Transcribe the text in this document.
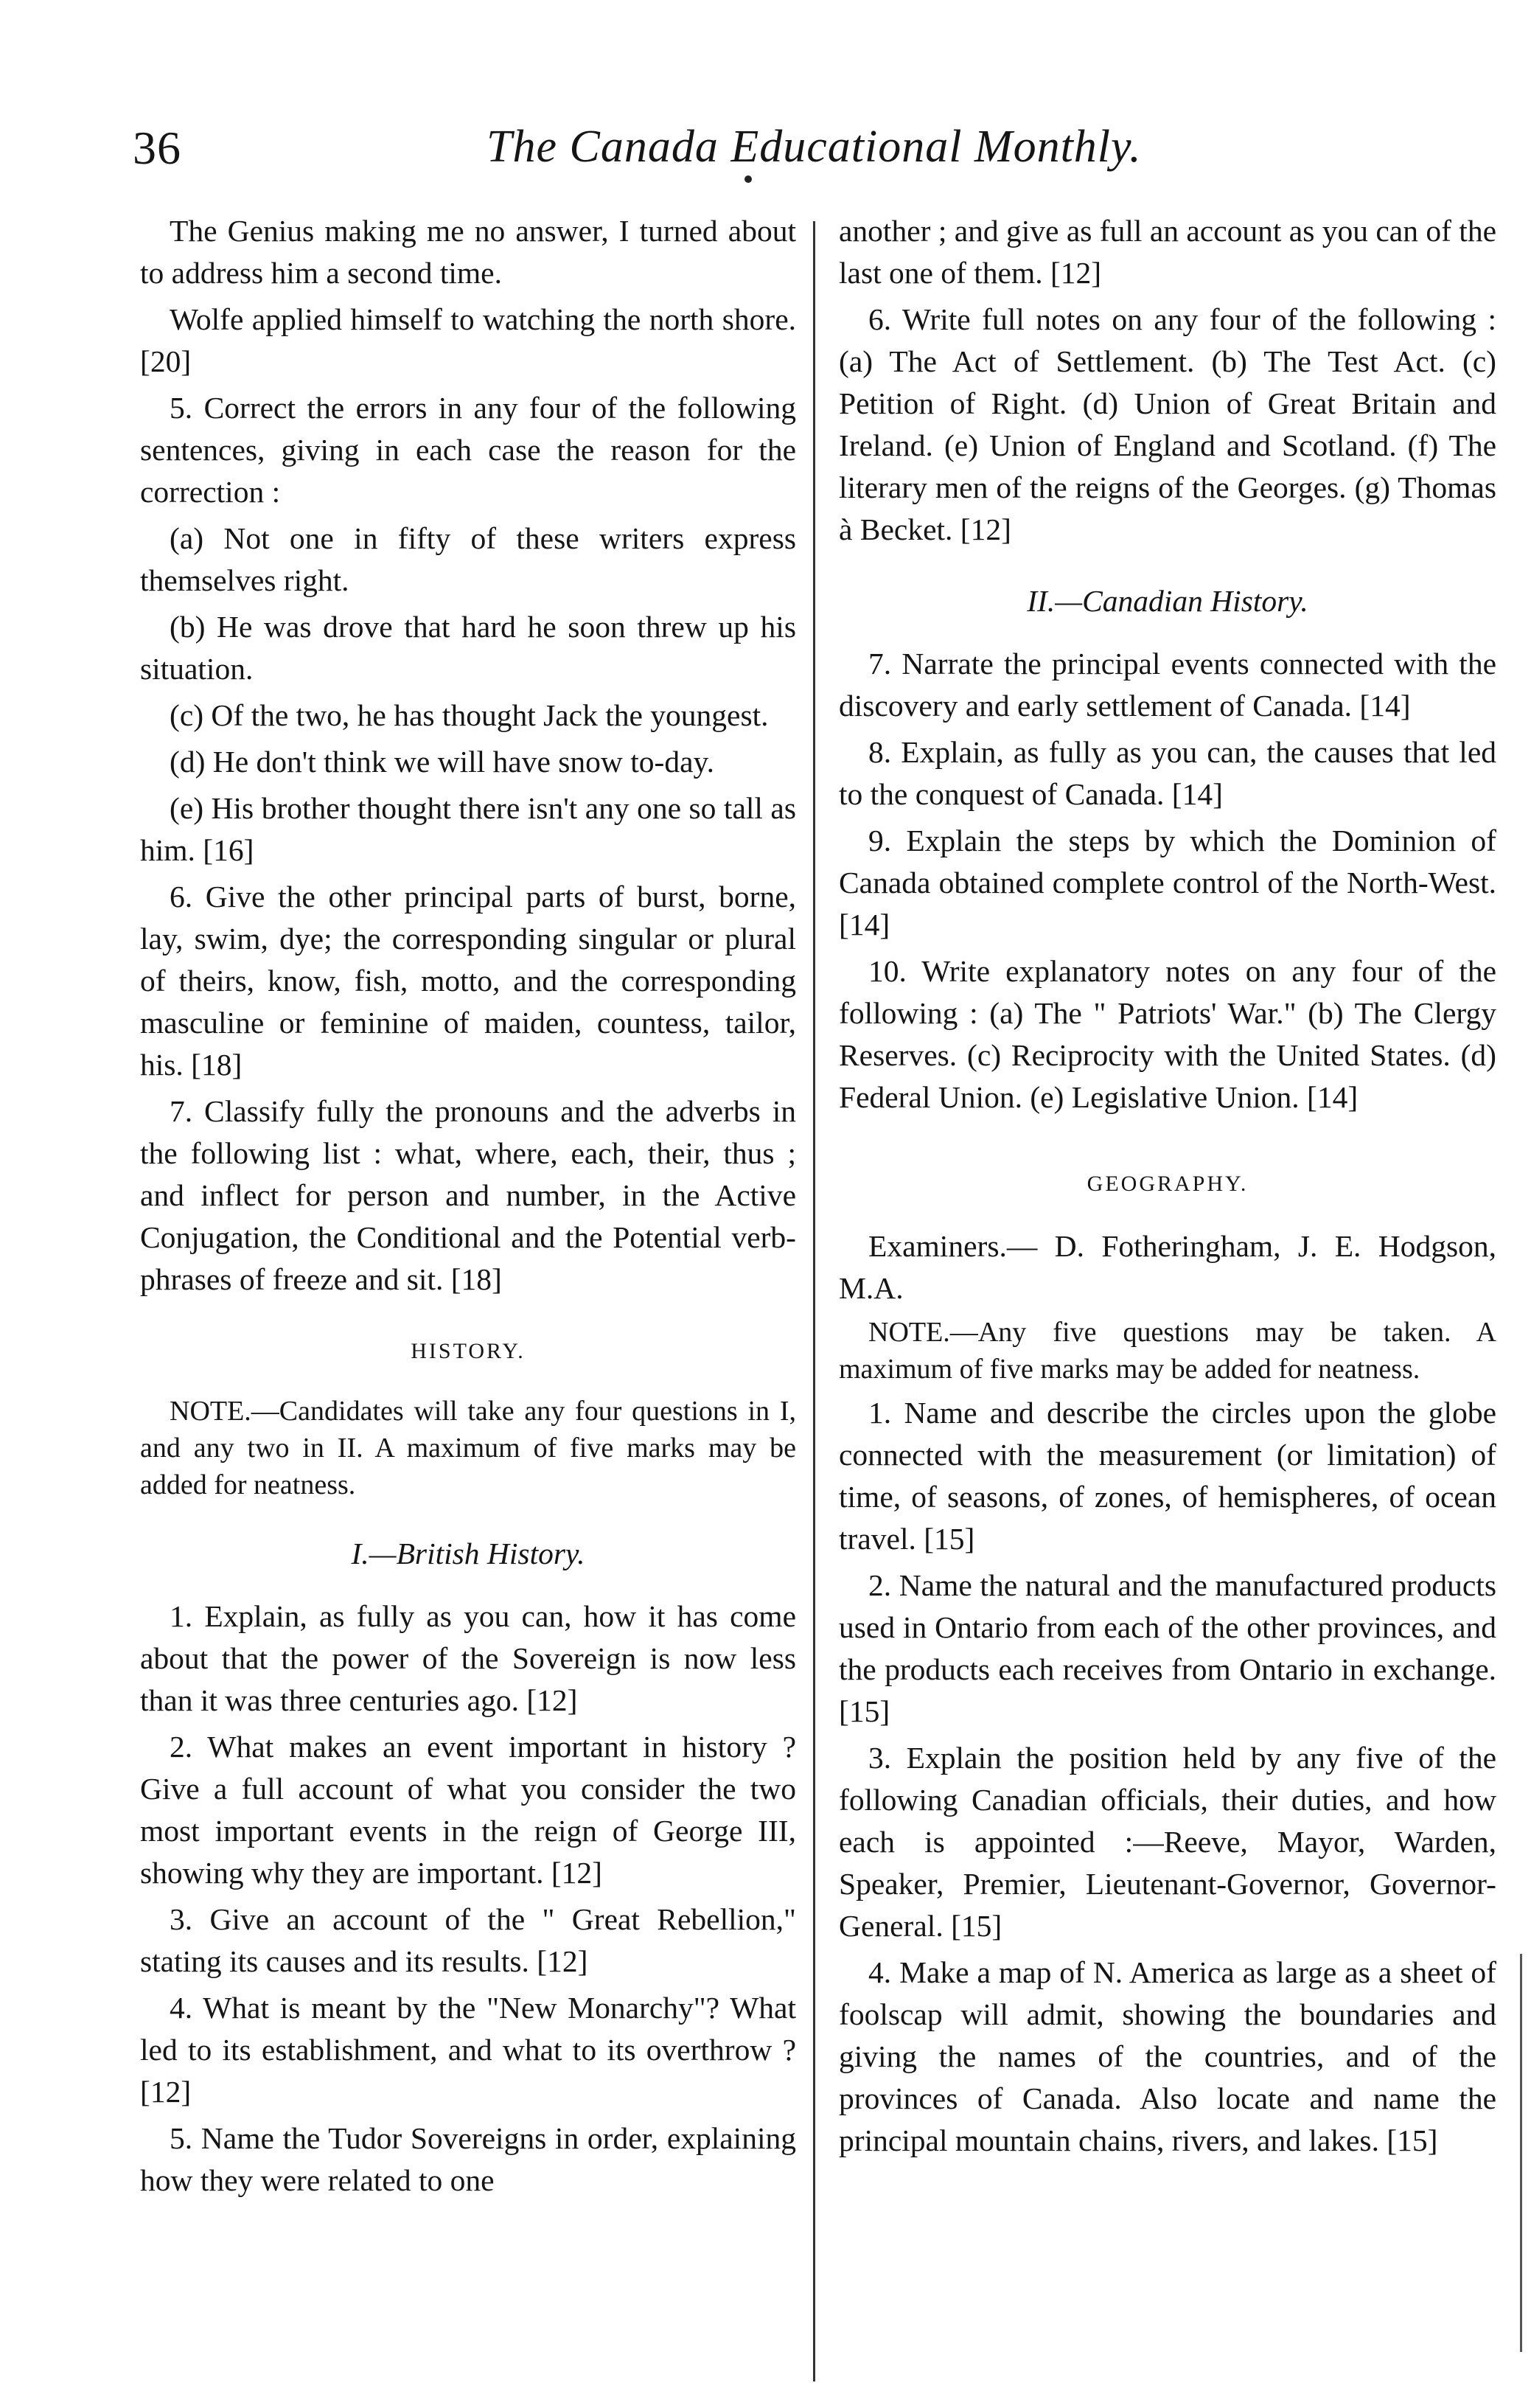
36	The Canada Educational Monthly.

The Genius making me no answer, I turned about to address him a second time.

Wolfe applied himself to watching the north shore. [20]

5. Correct the errors in any four of the following sentences, giving in each case the reason for the correction :

(a) Not one in fifty of these writers express themselves right.

(b) He was drove that hard he soon threw up his situation.

(c) Of the two, he has thought Jack the youngest.

(d) He don't think we will have snow to-day.

(e) His brother thought there isn't any one so tall as him. [16]

6. Give the other principal parts of burst, borne, lay, swim, dye; the corresponding singular or plural of theirs, know, fish, motto, and the corresponding masculine or feminine of maiden, countess, tailor, his. [18]

7. Classify fully the pronouns and the adverbs in the following list : what, where, each, their, thus ; and inflect for person and number, in the Active Conjugation, the Conditional and the Potential verb-phrases of freeze and sit. [18]

HISTORY.

NOTE.—Candidates will take any four questions in I, and any two in II. A maximum of five marks may be added for neatness.

I.—British History.

1. Explain, as fully as you can, how it has come about that the power of the Sovereign is now less than it was three centuries ago. [12]

2. What makes an event important in history ? Give a full account of what you consider the two most important events in the reign of George III, showing why they are important. [12]

3. Give an account of the " Great Rebellion," stating its causes and its results. [12]

4. What is meant by the "New Monarchy"? What led to its establishment, and what to its overthrow ? [12]

5. Name the Tudor Sovereigns in order, explaining how they were related to one

another ; and give as full an account as you can of the last one of them. [12]

6. Write full notes on any four of the following : (a) The Act of Settlement. (b) The Test Act. (c) Petition of Right. (d) Union of Great Britain and Ireland. (e) Union of England and Scotland. (f) The literary men of the reigns of the Georges. (g) Thomas à Becket. [12]

II.—Canadian History.

7. Narrate the principal events connected with the discovery and early settlement of Canada. [14]

8. Explain, as fully as you can, the causes that led to the conquest of Canada. [14]

9. Explain the steps by which the Dominion of Canada obtained complete control of the North-West. [14]

10. Write explanatory notes on any four of the following : (a) The " Patriots' War." (b) The Clergy Reserves. (c) Reciprocity with the United States. (d) Federal Union. (e) Legislative Union. [14]

GEOGRAPHY.

Examiners.— D. Fotheringham, J. E. Hodgson, M.A.

NOTE.—Any five questions may be taken. A maximum of five marks may be added for neatness.

1. Name and describe the circles upon the globe connected with the measurement (or limitation) of time, of seasons, of zones, of hemispheres, of ocean travel. [15]

2. Name the natural and the manufactured products used in Ontario from each of the other provinces, and the products each receives from Ontario in exchange. [15]

3. Explain the position held by any five of the following Canadian officials, their duties, and how each is appointed :—Reeve, Mayor, Warden, Speaker, Premier, Lieutenant-Governor, Governor-General. [15]

4. Make a map of N. America as large as a sheet of foolscap will admit, showing the boundaries and giving the names of the countries, and of the provinces of Canada. Also locate and name the principal mountain chains, rivers, and lakes. [15]
